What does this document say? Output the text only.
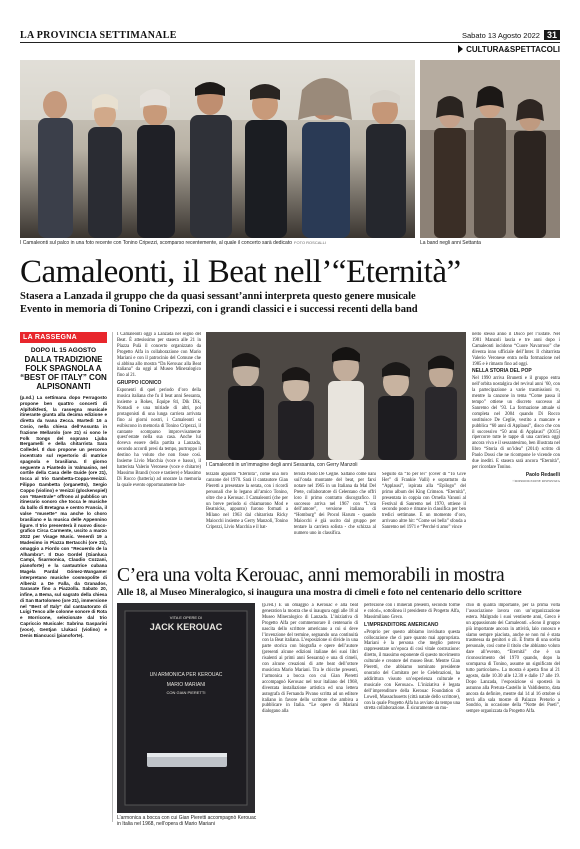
LA PROVINCIA SETTIMANALE	Sabato 13 Agosto 2022 31
CULTURA&SPETTACOLI
I Camaleonti sul palco in una foto recente con Tonino Cripezzi, scomparso recentemente, al quale il concerto sarà dedicato FOTO ROSCALLI	La band negli anni Settanta
Camaleonti, il Beat nell’“Eternità”
Stasera a Lanzada il gruppo che da quasi sessant’anni interpreta questo genere musicale
Evento in memoria di Tonino Cripezzi, con i grandi classici e i successi recenti della band
LA RASSEGNA
DOPO IL 15 AGOSTO
DALLA TRADIZIONE FOLK SPAGNOLA A “BEST OF ITALY” CON ALPISONANTI
(p.nd.) La settimana dopo Ferragosto propone ben quattro concerti di Alpifolkfesti, la rassegna musicale itinerante giunta alla decima edizione e diretta da Ivana Zecca. Martedì 16 a Cosio, nella chiesa dell’Assunta in frazione Mellarolo (ore 21) si sono le Folk Songs del soprano Ljuba Bergamelli e della chitarrista Sara Colledel. Il duo propone un percorso incentrato sul repertorio di matrice spagnola e brasiliana. Il giorno seguente a Piantedo in Valmasino, nel cortile della Casa delle Guide (ore 21), tocca al trio Gambetta-Coppa-Venizzi. Filippo Gambetta (organetto), Sergio Coppo (violino) e Venizzi (glockenspiel) con “Maestrale” offrono al pubblico un itinerario sonoro che tocca le musiche da ballo di Bretagna e centro Francia, il valse “musette” ma anche lo choro brasiliano e la musica delle Appennino ligure. Il trio presenterà il nuovo disco-grafico Circa Carmente, uscito a marzo 2022 per Visage Music. Venerdì 19 a Madesimo in Piazza Bertacchi (ore 21), omaggio a Fiordo con “Recuerdo de la Alhambra”. Il Duo Gordel (Gianluca Campi, fisarmonica, Claudio Cozzani, pianoforte) e la cantautrice cubana Magela Pardal Gómez-Wangamer interpretano musiche cosmopolite di Albeniz a De Falla, da Granados, Sarasate fino a Piazzolla. Sabato 20, infine, a Bema, sul sagrato della chiesa di San Bartolomeo (ore 21), immersione nel “Best of Italy” dal cantautorato di Luigi Tenco alle colonne sonore di Rota e Morricone, selezionate dal trio Capriccio Musicale: Sabrina Gasparini (voce), Gentjan Llukaci (violino) e Denis Biancucci (pianoforte).

I Camaleonti oggi a Lanzada nel segno del Beat. È attesissimo per stasera alle 21 in Piazza Pulà il concerto organizzato da Progetto Alfa in collaborazione con Mario Mariani e con il patrocinio del Comune che si abbina allo mostra “Da Kerouac alla Beat italiana” da oggi al Museo Mineralogico fino al 21.

GRUPPO ICONICO

Esponenti di quel periodo d’oro della musica italiana che fu il beat anni Sessanta, insieme a Rokes, Equipe 84, Dik Dik, Nomadi e una miriade di altri, poi protagonisti di una lunga carriera arrivata fino ai giorni nostri, i Camaleonti si esibiscono in memoria di Tonino Cripezzi, il cantante scomparso improvvisamente quest’estate nella sua casa. Anche lui doveva essere della partita a Lanzada, secondo accordi presi da tempo, purtroppo il destino ha voluto che non fosse così. Insieme Livio Macchia (voce e basso), il batterista Valerio Veronese (voce e chitarre) Massimo Brandi (voce e tastiere) e Massimo Di Rocco (batteria) ad onorare la memoria la quale evento opportunamente bat-

I Camaleonti in un’immagine degli anni Sessanta, con Gerry Manzoli

tezzato appunto “Eternità”, come una loro canzone del 1970. Sarà il cantautore Gian Pieretti a presentare la serata, con i ricordi personali che lo legano all’amico Tonino, oltre che a Kerouac. I Camaleonti (che per un breve periodo si chiamarono Mod e Beatnicks, appunto) furono formati a Milano nel 1963 dal chitarrista Ricky Maiocchi insieme a Gerry Manzoli, Tonino Cripezzi, Livio Macchia e il bat-

terista Paolo De Ceglie. Saltano come nani suil’onda montante del beat, per farsi notare nel 1965 in un Italiana da Mal Del Prete, collaboratore di Celentano che offrì loro il primo contratto discografico. Il successo arriva nel 1967 con “L’ora dell’amore”, versione italiana di “Homburg” dei Procol Harum - quando Maiocchi è già uscito dal gruppo per tentare la carriera solista - che schizza al numero uno in classifica.

Seguito da “Io per lei” (cover di “To Give Her” di Frankie Valli) e soprattutto da “Applausi”, ispirata alla “Epilogo” del primo album dei King Crimson. “Eternità”, presentata in coppia con Ornella Vanoni al Festival di Sanremo nel 1970, ottiene il secondo posto e rimane in classifica per ben tredici settimane. E un momento d’oro, arrivano altre hit: “Come sei bella” sfonda a Sanremo nel 1971 e “Perché ti amo” vince

nello stesso anno il Disco per l’Estate. Nel 1981 Manzoli lascia e tre anni dopo i Camaleonti incidono “Cuore Navarroso” che diventa inno ufficiale dell’Inter. Il chitarrista Valerio Veronese entra nella formazione nel 1985 e è rimasto fino ad oggi.

NELLA STORIA DEL POP

Nel 1990 arriva Brunetti e il gruppo entra nell’orbita nostalgica del revival anni ’60, con la partecipazione a varie trasmissioni tv, mentre la canzone in tema “Come passa il tempo” ottiene un discreto successo al Sanremo del ’93. La formazione attuale si completa nel 2004 quando Di Rocco sostituisce De Ceglie, vestito a mancare e pubblica “60 anni di Applausi”, disco che con il successivo “50 anni di Applausi” (2015) ripercorre tutte le tappe di una carriera oggi ancora viva e il sessantesimo, ben illustrata nel libro “Storia di un’idea” (2014) scritto di Paolo Dossi che ne ricompone le vicende con due inediti. E stasera sarà ancora “Eternità”, per ricordare Tonino.

Paolo Redaelli
©RIPRODUZIONE RISERVATA
C’era una volta Kerouac, anni memorabili in mostra
Alle 18, al Museo Mineralogico, si inaugura una mostra di cimeli e foto nel centenario dello scrittore
VITA E OPERE DI
JACK KEROUAC
UN ARMONICA PER KEROUAC
MARIO MARIANI
CON GIAN PIERETTI
L’armonica a bocca con cui Gian Pieretti accompagnò Kerouac in Italia nel 1968, nell’opera di Mario Mariani

(p.red.) È un omaggio a Kerouac e alla beat generation la mostra che si inaugura oggi alle 18 al Museo Mineralogico di Lanzada. L’iniziativa di Progetto Alfa per commemorare il centenario di nascita dello scrittore americano a cui si deve l’invenzione del termine, segnando una continuità con la Beat italiana. L’esposizione si divide in una parte storica con biografia e opere dell’autore (presenti alcune edizioni italiane dei suoi libri risalenti ai primi anni Sessanta) e una di cimeli, con alcune creazioni di arte beat dell’ottore musicista Mario Mariani. Tra le chicche presenti, l’armonica a bocca con cui Gian Pieretti accompagnò Kerouac nel tour italiano del 1968, diventata installazione artistica ed una lettera autografa di Fernanda Pivano scritta ad un editore italiano in favore dello scrittore che ambiva a pubblicare in Italia. “Le opere di Mariani dialogano alla

perfezione con i minerali presenti, secondo forme e colori», sottolinea il presidente di Progetto Alfa, Massimiliano Greco.

L’IMPRENDITORE AMERICANO

«Proprio per questo abbiamo inviduato questa collocazione che ci pare quanto mai appropriata. Mariani è la persona che meglio poteva rappresentare un’epoca di così vitale costruzione: diretto, il massimo esponente di questo movimento culturale e creatore del museo Beat. Mentre Gian Pieretti, che abbiamo nominato presidente onorario del Comitato per le Celebrazioni, ha addirittura vissuto un’esperienza culturale e musicale con Kerouac». L’iniziativa è legata dell’imprenditore della Kerouac Foundation di Lowell, Massachusetts (città natale dello scrittore), con la quale Progetto Alfa ha avviato da tempo una stretta collaborazione. È sicuramente un mu-

chio di qualità importante, per la prima volta l’associazione lavora con un’organizzazione estera. Malgrado i suoi ventisette anni, Greco è un appassionato dei Camaleonti. «Sono il gruppo più importante ancora in attività, lalo conosco e siamo sempre piaciuta, anche se non mi è stata trasmessa da genitori o zii. È frutto di una scelta personale, così come il titolo che abbiamo voluto dare all’evento, “Eternità” che è un riconoscimento del 1970 quando, dopo la scomparsa di Tonino, assume un significato del tutto particolare». La mostra è aperta fino al 21 agosto, dalle 10.30 alle 12.30 e dalle 17 alle 19. Dopo Lanzada, l’esposizione si sposterà in autunno alla Pretura-Castello in Valdidentro, data ancora da definire, mentre dal 14 al 16 ottobre si terrà alla sala mostre di Palazzo Pretorio a Sondrio, in occasione della “Notte dei Poeti”, sempre organizzata da Progetto Alfa.
